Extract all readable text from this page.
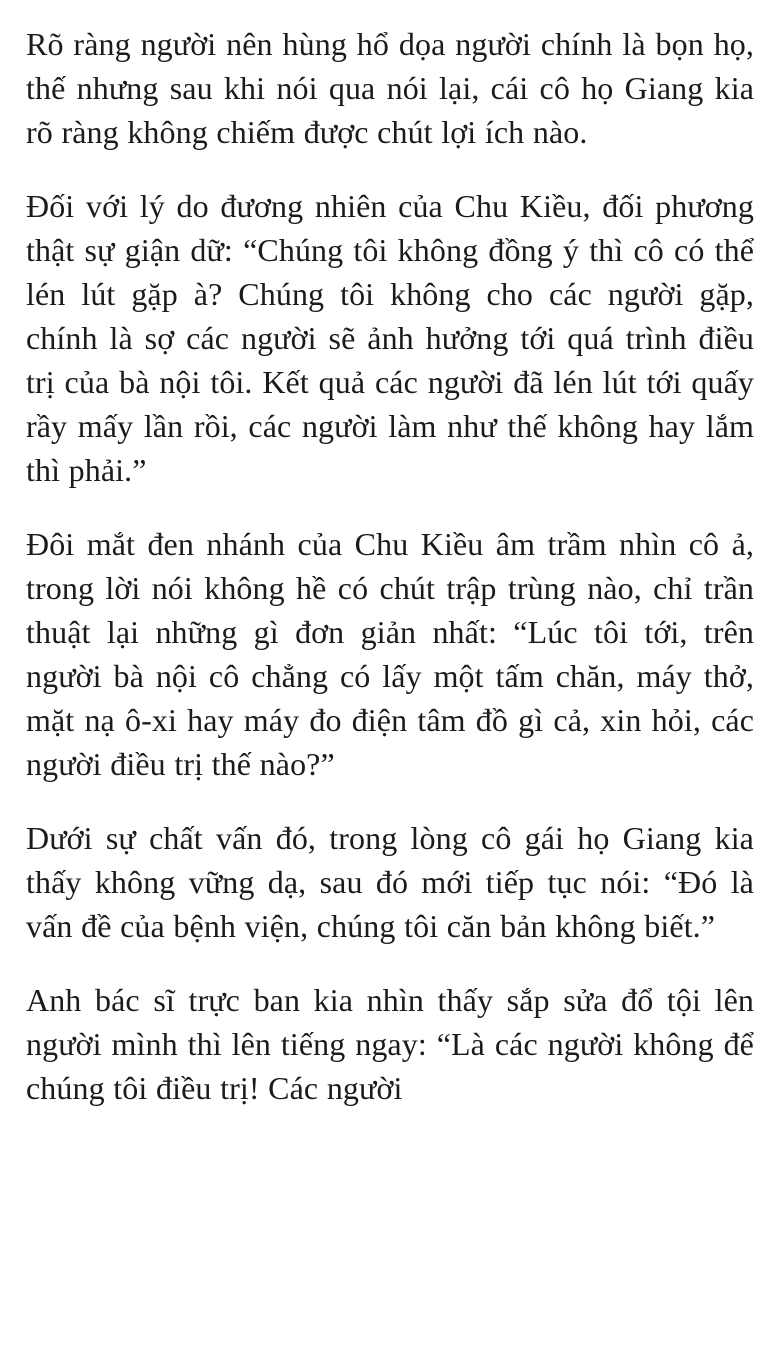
Rõ ràng người nên hùng hổ dọa người chính là bọn họ, thế nhưng sau khi nói qua nói lại, cái cô họ Giang kia rõ ràng không chiếm được chút lợi ích nào.

Đối với lý do đương nhiên của Chu Kiều, đối phương thật sự giận dữ: “Chúng tôi không đồng ý thì cô có thể lén lút gặp à? Chúng tôi không cho các người gặp, chính là sợ các người sẽ ảnh hưởng tới quá trình điều trị của bà nội tôi. Kết quả các người đã lén lút tới quấy rầy mấy lần rồi, các người làm như thế không hay lắm thì phải.”

Đôi mắt đen nhánh của Chu Kiều âm trầm nhìn cô ả, trong lời nói không hề có chút trập trùng nào, chỉ trần thuật lại những gì đơn giản nhất: “Lúc tôi tới, trên người bà nội cô chẳng có lấy một tấm chăn, máy thở, mặt nạ ô-xi hay máy đo điện tâm đồ gì cả, xin hỏi, các người điều trị thế nào?”

Dưới sự chất vấn đó, trong lòng cô gái họ Giang kia thấy không vững dạ, sau đó mới tiếp tục nói: “Đó là vấn đề của bệnh viện, chúng tôi căn bản không biết.”

Anh bác sĩ trực ban kia nhìn thấy sắp sửa đổ tội lên người mình thì lên tiếng ngay: “Là các người không để chúng tôi điều trị! Các người
